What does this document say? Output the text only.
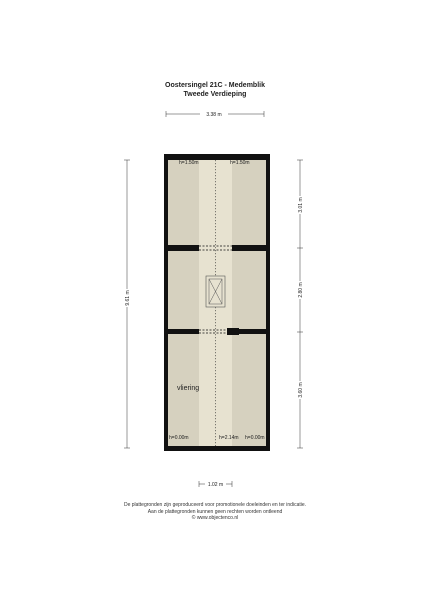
Oostersingel 21C - Medemblik
Tweede Verdieping
3.38 m
9.61 m
3.01 m
2.80 m
3.60 m
h=1.50m	h=1.50m
h=0.00m	h=2.14m h=0.00m
vliering
1.02 m
De plattegronden zijn geproduceerd voor promotionele doeleinden en ter indicatie.
Aan de plattegronden kunnen geen rechten worden ontleend
© www.objectenco.nl
